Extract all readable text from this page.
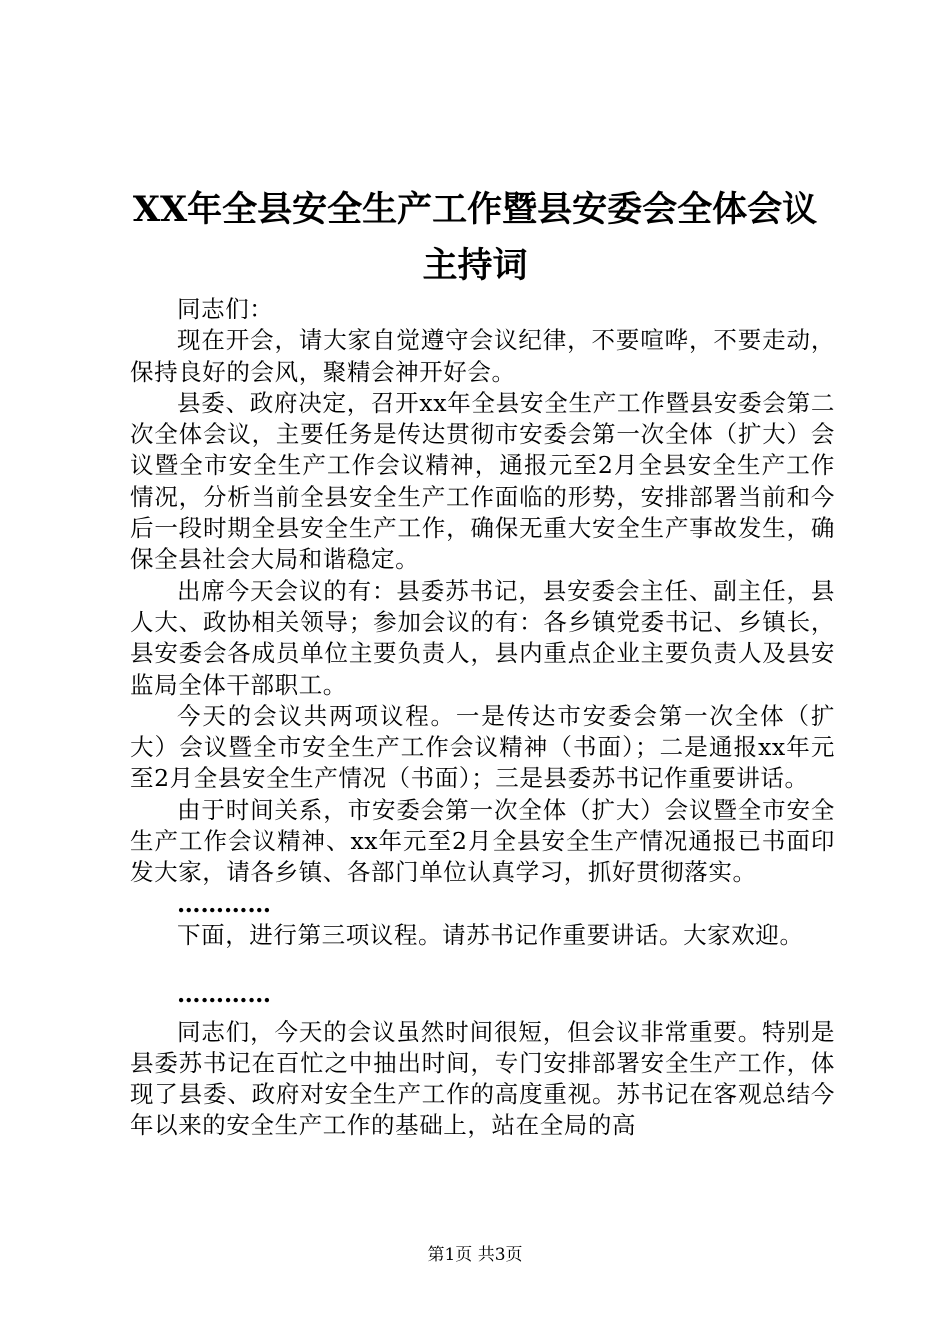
XX年全县安全生产工作暨县安委会全体会议
主持词

同志们：

现在开会，请大家自觉遵守会议纪律，不要喧哗，不要走动，保持良好的会风，聚精会神开好会。

县委、政府决定，召开xx年全县安全生产工作暨县安委会第二次全体会议，主要任务是传达贯彻市安委会第一次全体（扩大）会议暨全市安全生产工作会议精神，通报元至2月全县安全生产工作情况，分析当前全县安全生产工作面临的形势，安排部署当前和今后一段时期全县安全生产工作，确保无重大安全生产事故发生，确保全县社会大局和谐稳定。

出席今天会议的有：县委苏书记，县安委会主任、副主任，县人大、政协相关领导；参加会议的有：各乡镇党委书记、乡镇长，县安委会各成员单位主要负责人，县内重点企业主要负责人及县安监局全体干部职工。

今天的会议共两项议程。一是传达市安委会第一次全体（扩大）会议暨全市安全生产工作会议精神（书面）；二是通报xx年元至2月全县安全生产情况（书面）；三是县委苏书记作重要讲话。

由于时间关系，市安委会第一次全体（扩大）会议暨全市安全生产工作会议精神、xx年元至2月全县安全生产情况通报已书面印发大家，请各乡镇、各部门单位认真学习，抓好贯彻落实。

…………

下面，进行第三项议程。请苏书记作重要讲话。大家欢迎。

…………

同志们，今天的会议虽然时间很短，但会议非常重要。特别是县委苏书记在百忙之中抽出时间，专门安排部署安全生产工作，体现了县委、政府对安全生产工作的高度重视。苏书记在客观总结今年以来的安全生产工作的基础上，站在全局的高

第1页 共3页
